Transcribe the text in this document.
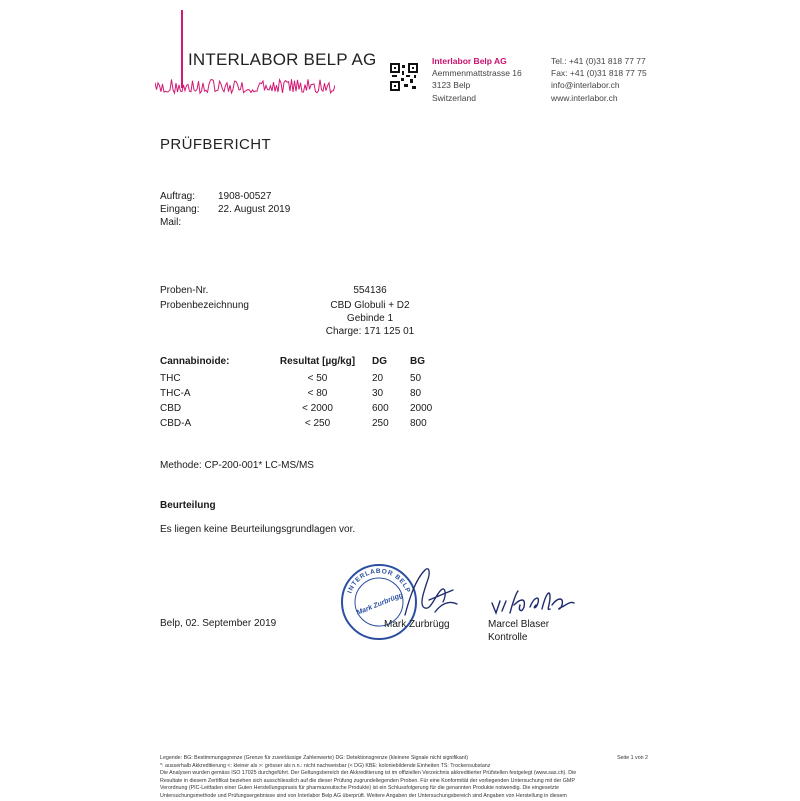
INTERLABOR BELP AG	Interlabor Belp AG
Aemmenmattstrasse 16
3123 Belp
Switzerland
Tel.: +41 (0)31 818 77 77
Fax: +41 (0)31 818 77 75
info@interlabor.ch
www.interlabor.ch
PRÜFBERICHT
Auftrag: 1908-00527
Eingang: 22. August 2019
Mail:
Proben-Nr.	554136
Probenbezeichnung	CBD Globuli + D2
Gebinde 1
Charge: 171 125 01
Cannabinoide:	Resultat [µg/kg]	DG	BG
THC	< 50	20	50
THC-A	< 80	30	80
CBD	< 2000	600	2000
CBD-A	< 250	250	800
Methode: CP-200-001* LC-MS/MS
Beurteilung
Es liegen keine Beurteilungsgrundlagen vor.
INTERLABOR BELP
Mark Zurbrügg
Belp, 02. September 2019	Mark Zurbrügg	Marcel Blaser
Kontrolle
Legende: BG: Bestimmungsgrenze (Grenze für zuverlässige Zahlenwerte) DG: Detektionsgrenze (kleinere Signale nicht signifikant)	Seite 1 von 2
*: ausserhalb Akkreditierung <: kleiner als >: grösser als n.n.: nicht nachweisbar (< DG) KBE: koloniebildende Einheiten TS: Trockensubstanz
Die Analysen wurden gemäss ISO 17025 durchgeführt. Der Geltungsbereich der Akkreditierung ist im offiziellen Verzeichnis akkreditierter Prüfstellen festgelegt (www.sas.ch). Die
Resultate in diesem Zertifikat beziehen sich ausschliesslich auf die dieser Prüfung zugrundeliegenden Proben. Für eine Konformität der vorliegenden Untersuchung mit der GMP
Verordnung (PIC-Leitfaden einer Guten Herstellungspraxis für pharmazeutische Produkte) ist ein Schlussfolgerung für die genannten Produkte notwendig. Die eingesetzte
Untersuchungsmethode und Prüfungsergebnisse sind von Interlabor Belp AG überprüft. Weitere Angaben der Untersuchungsbereich sind Angaben von Herstellung in diesem
